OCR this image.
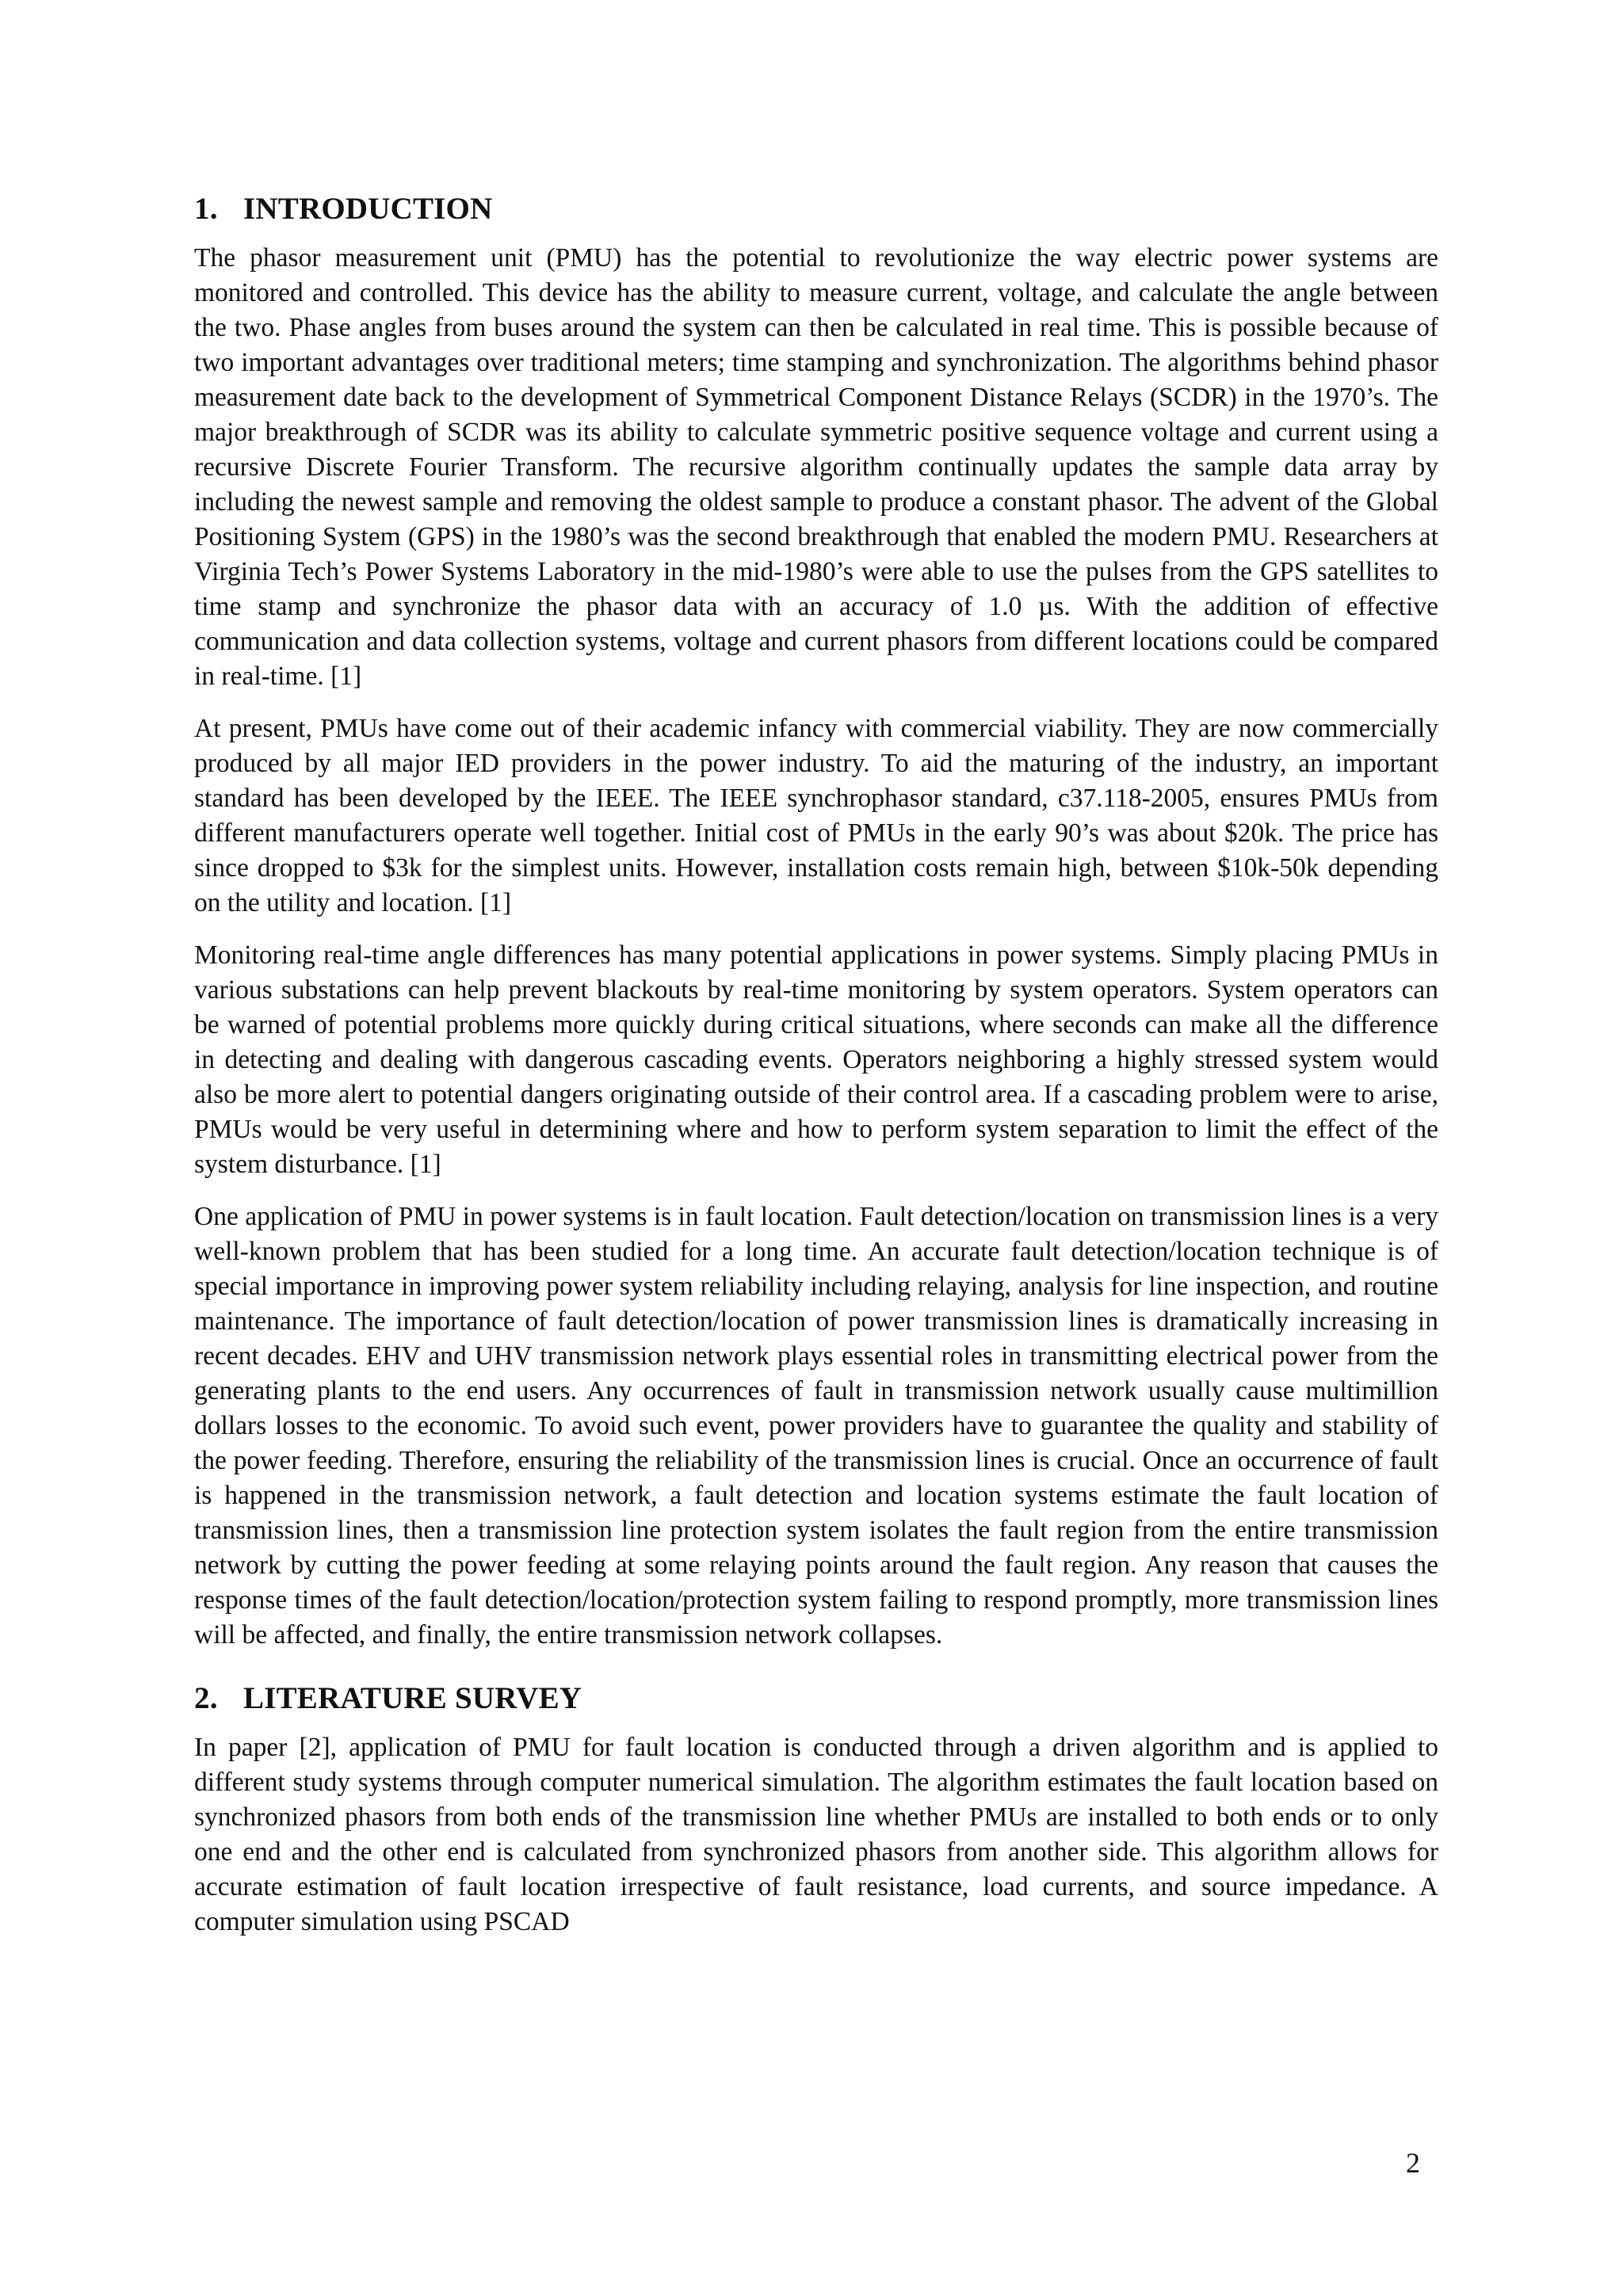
1. INTRODUCTION

The phasor measurement unit (PMU) has the potential to revolutionize the way electric power systems are monitored and controlled. This device has the ability to measure current, voltage, and calculate the angle between the two. Phase angles from buses around the system can then be calculated in real time. This is possible because of two important advantages over traditional meters; time stamping and synchronization. The algorithms behind phasor measurement date back to the development of Symmetrical Component Distance Relays (SCDR) in the 1970’s. The major breakthrough of SCDR was its ability to calculate symmetric positive sequence voltage and current using a recursive Discrete Fourier Transform. The recursive algorithm continually updates the sample data array by including the newest sample and removing the oldest sample to produce a constant phasor. The advent of the Global Positioning System (GPS) in the 1980’s was the second breakthrough that enabled the modern PMU. Researchers at Virginia Tech’s Power Systems Laboratory in the mid-1980’s were able to use the pulses from the GPS satellites to time stamp and synchronize the phasor data with an accuracy of 1.0 µs. With the addition of effective communication and data collection systems, voltage and current phasors from different locations could be compared in real-time. [1]

At present, PMUs have come out of their academic infancy with commercial viability. They are now commercially produced by all major IED providers in the power industry. To aid the maturing of the industry, an important standard has been developed by the IEEE. The IEEE synchrophasor standard, c37.118-2005, ensures PMUs from different manufacturers operate well together. Initial cost of PMUs in the early 90’s was about $20k. The price has since dropped to $3k for the simplest units. However, installation costs remain high, between $10k-50k depending on the utility and location. [1]

Monitoring real-time angle differences has many potential applications in power systems. Simply placing PMUs in various substations can help prevent blackouts by real-time monitoring by system operators. System operators can be warned of potential problems more quickly during critical situations, where seconds can make all the difference in detecting and dealing with dangerous cascading events. Operators neighboring a highly stressed system would also be more alert to potential dangers originating outside of their control area. If a cascading problem were to arise, PMUs would be very useful in determining where and how to perform system separation to limit the effect of the system disturbance. [1]

One application of PMU in power systems is in fault location. Fault detection/location on transmission lines is a very well-known problem that has been studied for a long time. An accurate fault detection/location technique is of special importance in improving power system reliability including relaying, analysis for line inspection, and routine maintenance. The importance of fault detection/location of power transmission lines is dramatically increasing in recent decades. EHV and UHV transmission network plays essential roles in transmitting electrical power from the generating plants to the end users. Any occurrences of fault in transmission network usually cause multimillion dollars losses to the economic. To avoid such event, power providers have to guarantee the quality and stability of the power feeding. Therefore, ensuring the reliability of the transmission lines is crucial. Once an occurrence of fault is happened in the transmission network, a fault detection and location systems estimate the fault location of transmission lines, then a transmission line protection system isolates the fault region from the entire transmission network by cutting the power feeding at some relaying points around the fault region. Any reason that causes the response times of the fault detection/location/protection system failing to respond promptly, more transmission lines will be affected, and finally, the entire transmission network collapses.

2. LITERATURE SURVEY

In paper [2], application of PMU for fault location is conducted through a driven algorithm and is applied to different study systems through computer numerical simulation. The algorithm estimates the fault location based on synchronized phasors from both ends of the transmission line whether PMUs are installed to both ends or to only one end and the other end is calculated from synchronized phasors from another side. This algorithm allows for accurate estimation of fault location irrespective of fault resistance, load currents, and source impedance. A computer simulation using PSCAD

2
